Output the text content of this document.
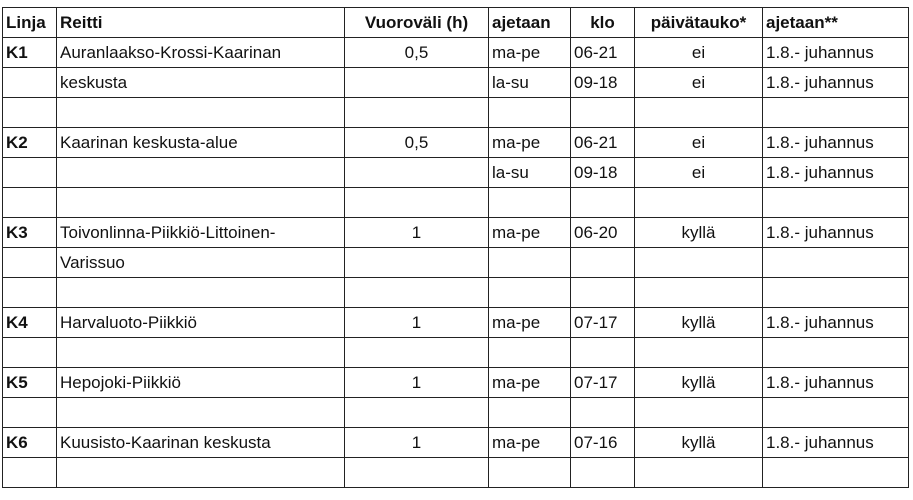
Linja	Reitti	Vuoroväli (h)	ajetaan	klo	päivätauko*	ajetaan**
K1	Auranlaakso-Krossi-Kaarinan	0,5	ma-pe	06-21	ei	1.8.- juhannus
	keskusta		la-su	09-18	ei	1.8.- juhannus

K2	Kaarinan keskusta-alue	0,5	ma-pe	06-21	ei	1.8.- juhannus
			la-su	09-18	ei	1.8.- juhannus

K3	Toivonlinna-Piikkiö-Littoinen-	1	ma-pe	06-20	kyllä	1.8.- juhannus
	Varissuo					

K4	Harvaluoto-Piikkiö	1	ma-pe	07-17	kyllä	1.8.- juhannus

K5	Hepojoki-Piikkiö	1	ma-pe	07-17	kyllä	1.8.- juhannus

K6	Kuusisto-Kaarinan keskusta	1	ma-pe	07-16	kyllä	1.8.- juhannus
